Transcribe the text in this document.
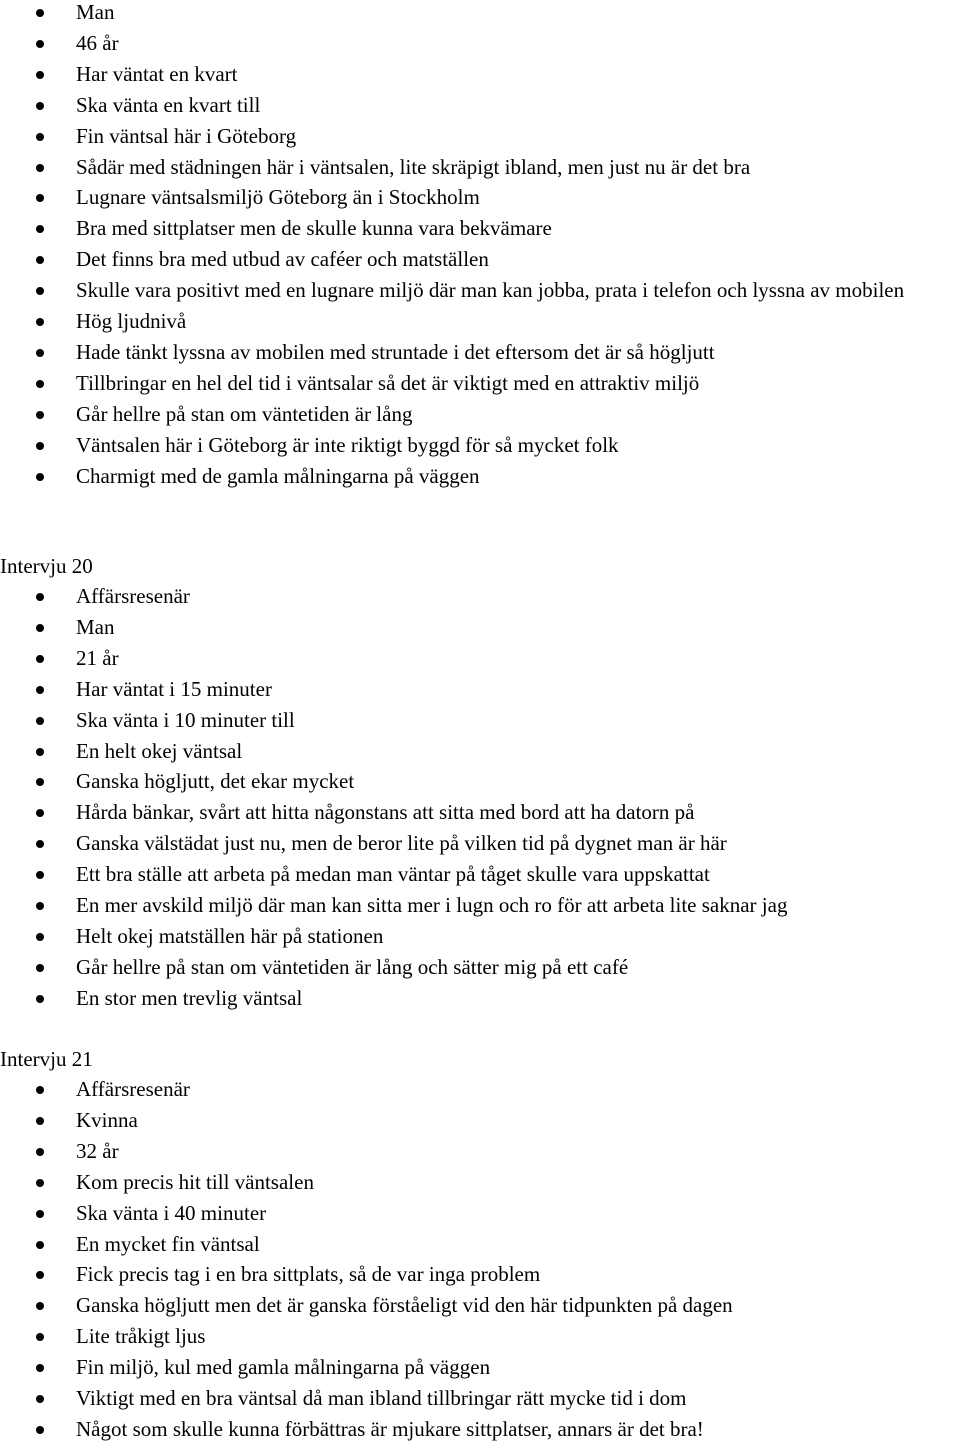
Man
46 år
Har väntat en kvart
Ska vänta en kvart till
Fin väntsal här i Göteborg
Sådär med städningen här i väntsalen, lite skräpigt ibland, men just nu är det bra
Lugnare väntsalsmiljö Göteborg än i Stockholm
Bra med sittplatser men de skulle kunna vara bekvämare
Det finns bra med utbud av caféer och matställen
Skulle vara positivt med en lugnare miljö där man kan jobba, prata i telefon och lyssna av mobilen
Hög ljudnivå
Hade tänkt lyssna av mobilen med struntade i det eftersom det är så högljutt
Tillbringar en hel del tid i väntsalar så det är viktigt med en attraktiv miljö
Går hellre på stan om väntetiden är lång
Väntsalen här i Göteborg är inte riktigt byggd för så mycket folk
Charmigt med de gamla målningarna på väggen
Intervju 20
Affärsresenär
Man
21 år
Har väntat i 15 minuter
Ska vänta i 10 minuter till
En helt okej väntsal
Ganska högljutt, det ekar mycket
Hårda bänkar, svårt att hitta någonstans att sitta med bord att ha datorn på
Ganska välstädat just nu, men de beror lite på vilken tid på dygnet man är här
Ett bra ställe att arbeta på medan man väntar på tåget skulle vara uppskattat
En mer avskild miljö där man kan sitta mer i lugn och ro för att arbeta lite saknar jag
Helt okej matställen här på stationen
Går hellre på stan om väntetiden är lång och sätter mig på ett café
En stor men trevlig väntsal
Intervju 21
Affärsresenär
Kvinna
32 år
Kom precis hit till väntsalen
Ska vänta i 40 minuter
En mycket fin väntsal
Fick precis tag i en bra sittplats, så de var inga problem
Ganska högljutt men det är ganska förståeligt vid den här tidpunkten på dagen
Lite tråkigt ljus
Fin miljö, kul med gamla målningarna på väggen
Viktigt med en bra väntsal då man ibland tillbringar rätt mycke tid i dom
Något som skulle kunna förbättras är mjukare sittplatser, annars är det bra!
